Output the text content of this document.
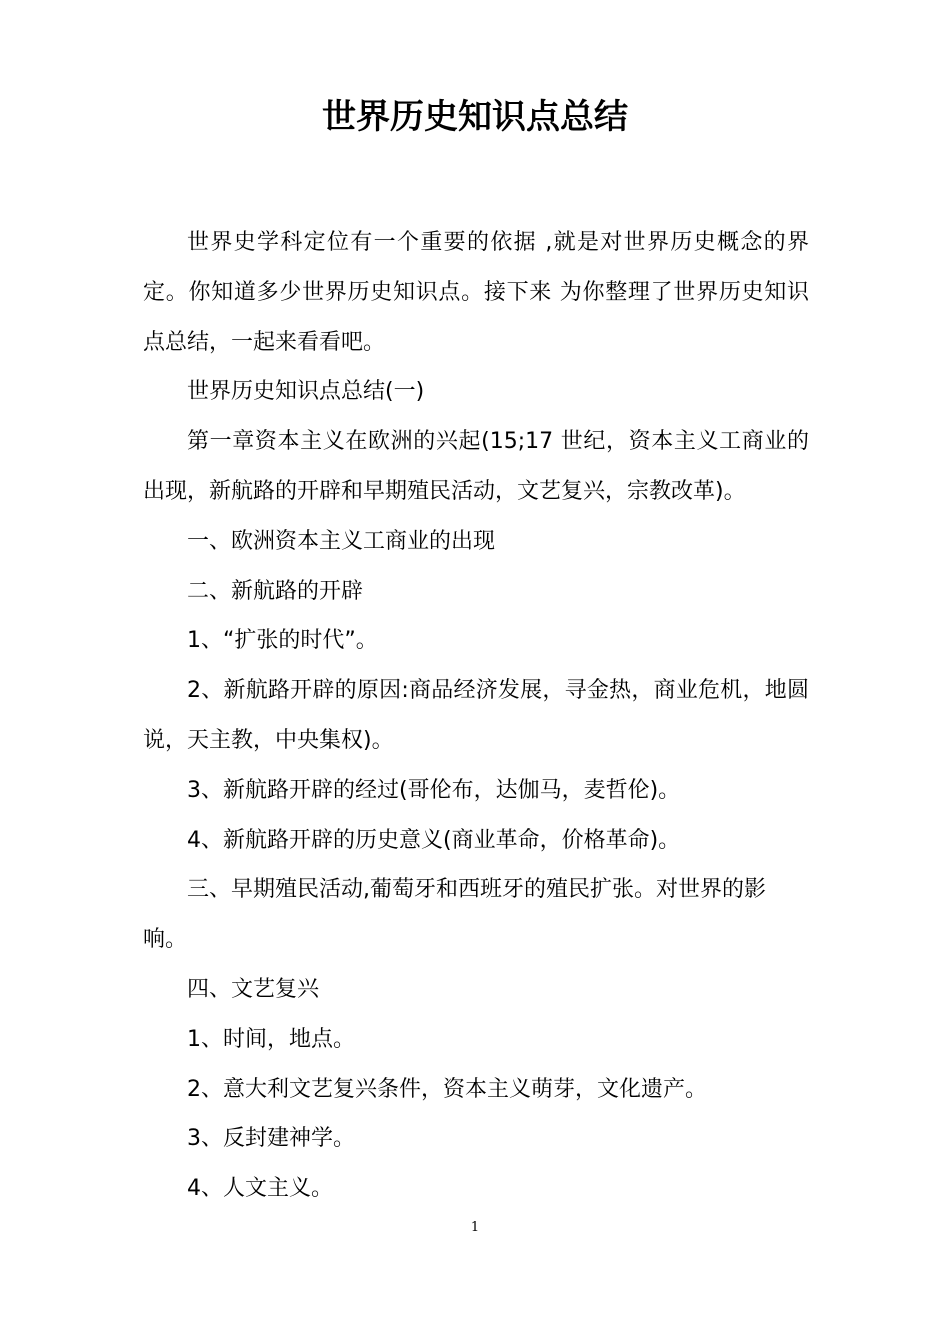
世界历史知识点总结

世界史学科定位有一个重要的依据 ,就是对世界历史概念的界定。你知道多少世界历史知识点。接下来 为你整理了世界历史知识点总结，一起来看看吧。

世界历史知识点总结(一)

第一章资本主义在欧洲的兴起(15;17 世纪，资本主义工商业的出现，新航路的开辟和早期殖民活动，文艺复兴，宗教改革)。

一、欧洲资本主义工商业的出现

二、新航路的开辟

1、“扩张的时代”。

2、新航路开辟的原因:商品经济发展，寻金热，商业危机，地圆说，天主教，中央集权)。

3、新航路开辟的经过(哥伦布，达伽马，麦哲伦)。

4、新航路开辟的历史意义(商业革命，价格革命)。

三、早期殖民活动,葡萄牙和西班牙的殖民扩张。对世界的影响。

四、文艺复兴

1、时间，地点。

2、意大利文艺复兴条件，资本主义萌芽，文化遗产。

3、反封建神学。

4、人文主义。

1
